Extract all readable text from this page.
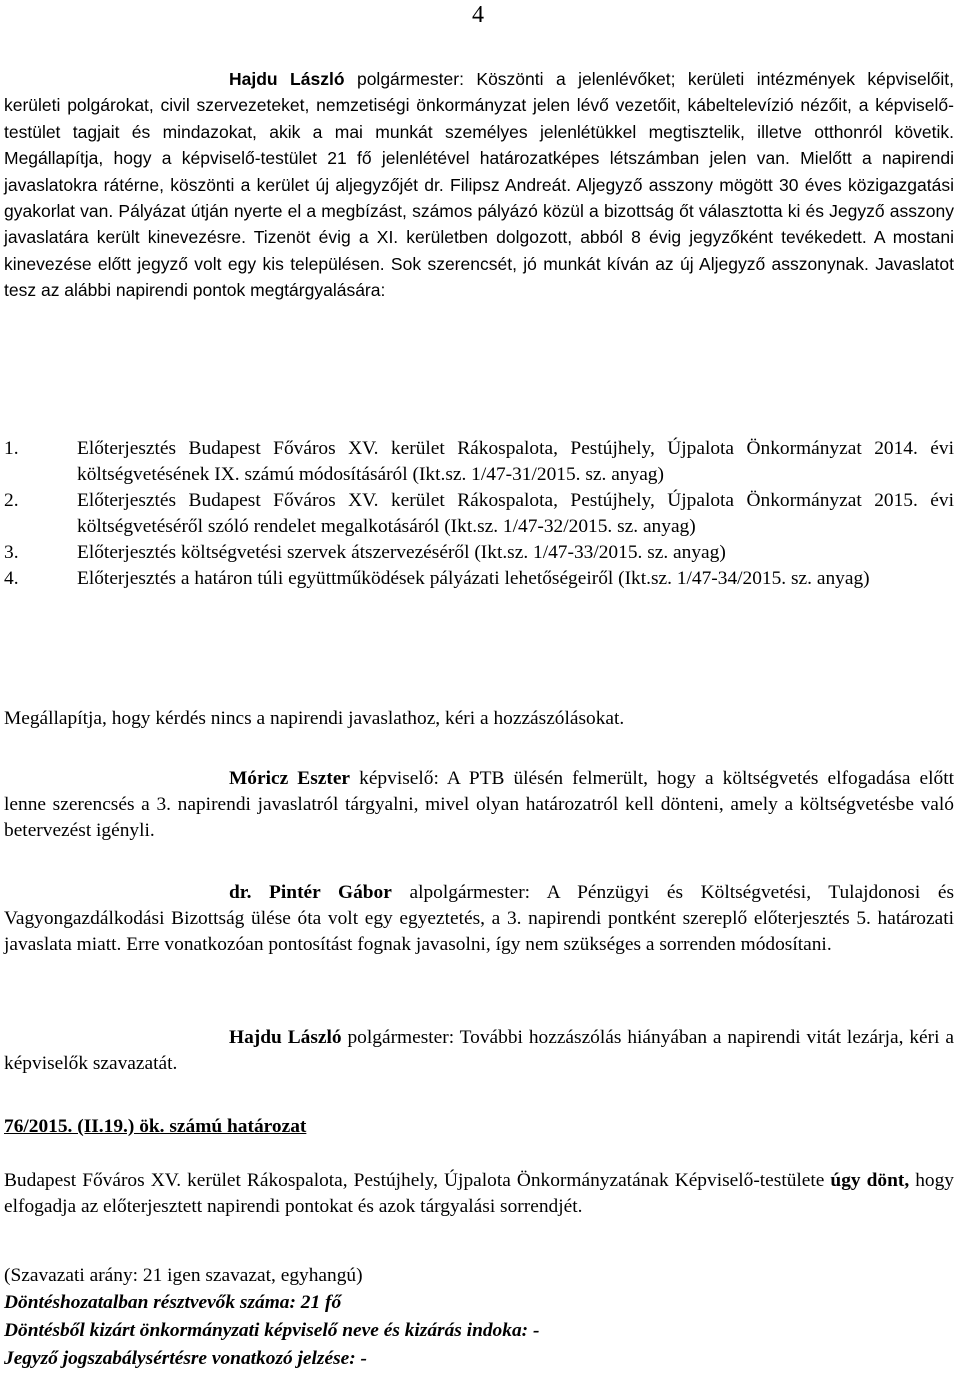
4

Hajdu László polgármester: Köszönti a jelenlévőket; kerületi intézmények képviselőit, kerületi polgárokat, civil szervezeteket, nemzetiségi önkormányzat jelen lévő vezetőit, kábeltelevízió nézőit, a képviselő-testület tagjait és mindazokat, akik a mai munkát személyes jelenlétükkel megtisztelik, illetve otthonról követik. Megállapítja, hogy a képviselő-testület 21 fő jelenlétével határozatképes létszámban jelen van. Mielőtt a napirendi javaslatokra rátérne, köszönti a kerület új aljegyzőjét dr. Filipsz Andreát. Aljegyző asszony mögött 30 éves közigazgatási gyakorlat van. Pályázat útján nyerte el a megbízást, számos pályázó közül a bizottság őt választotta ki és Jegyző asszony javaslatára került kinevezésre. Tizenöt évig a XI. kerületben dolgozott, abból 8 évig jegyzőként tevékedett. A mostani kinevezése előtt jegyző volt egy kis településen. Sok szerencsét, jó munkát kíván az új Aljegyző asszonynak. Javaslatot tesz az alábbi napirendi pontok megtárgyalására:

1.	Előterjesztés Budapest Főváros XV. kerület Rákospalota, Pestújhely, Újpalota Önkormányzat 2014. évi költségvetésének IX. számú módosításáról (Ikt.sz. 1/47-31/2015. sz. anyag)
2.	Előterjesztés Budapest Főváros XV. kerület Rákospalota, Pestújhely, Újpalota Önkormányzat 2015. évi költségvetéséről szóló rendelet megalkotásáról (Ikt.sz. 1/47-32/2015. sz. anyag)
3.	Előterjesztés költségvetési szervek átszervezéséről (Ikt.sz. 1/47-33/2015. sz. anyag)
4.	Előterjesztés a határon túli együttműködések pályázati lehetőségeiről (Ikt.sz. 1/47-34/2015. sz. anyag)

Megállapítja, hogy kérdés nincs a napirendi javaslathoz, kéri a hozzászólásokat.

Móricz Eszter képviselő: A PTB ülésén felmerült, hogy a költségvetés elfogadása előtt lenne szerencsés a 3. napirendi javaslatról tárgyalni, mivel olyan határozatról kell dönteni, amely a költségvetésbe való betervezést igényli.

dr. Pintér Gábor alpolgármester: A Pénzügyi és Költségvetési, Tulajdonosi és Vagyongazdálkodási Bizottság ülése óta volt egy egyeztetés, a 3. napirendi pontként szereplő előterjesztés 5. határozati javaslata miatt. Erre vonatkozóan pontosítást fognak javasolni, így nem szükséges a sorrenden módosítani.

Hajdu László polgármester: További hozzászólás hiányában a napirendi vitát lezárja, kéri a képviselők szavazatát.

76/2015. (II.19.) ök. számú határozat

Budapest Főváros XV. kerület Rákospalota, Pestújhely, Újpalota Önkormányzatának Képviselő-testülete úgy dönt, hogy elfogadja az előterjesztett napirendi pontokat és azok tárgyalási sorrendjét.

(Szavazati arány: 21 igen szavazat, egyhangú)
Döntéshozatalban résztvevők száma: 21 fő
Döntésből kizárt önkormányzati képviselő neve és kizárás indoka: -
Jegyző jogszabálysértésre vonatkozó jelzése: -
